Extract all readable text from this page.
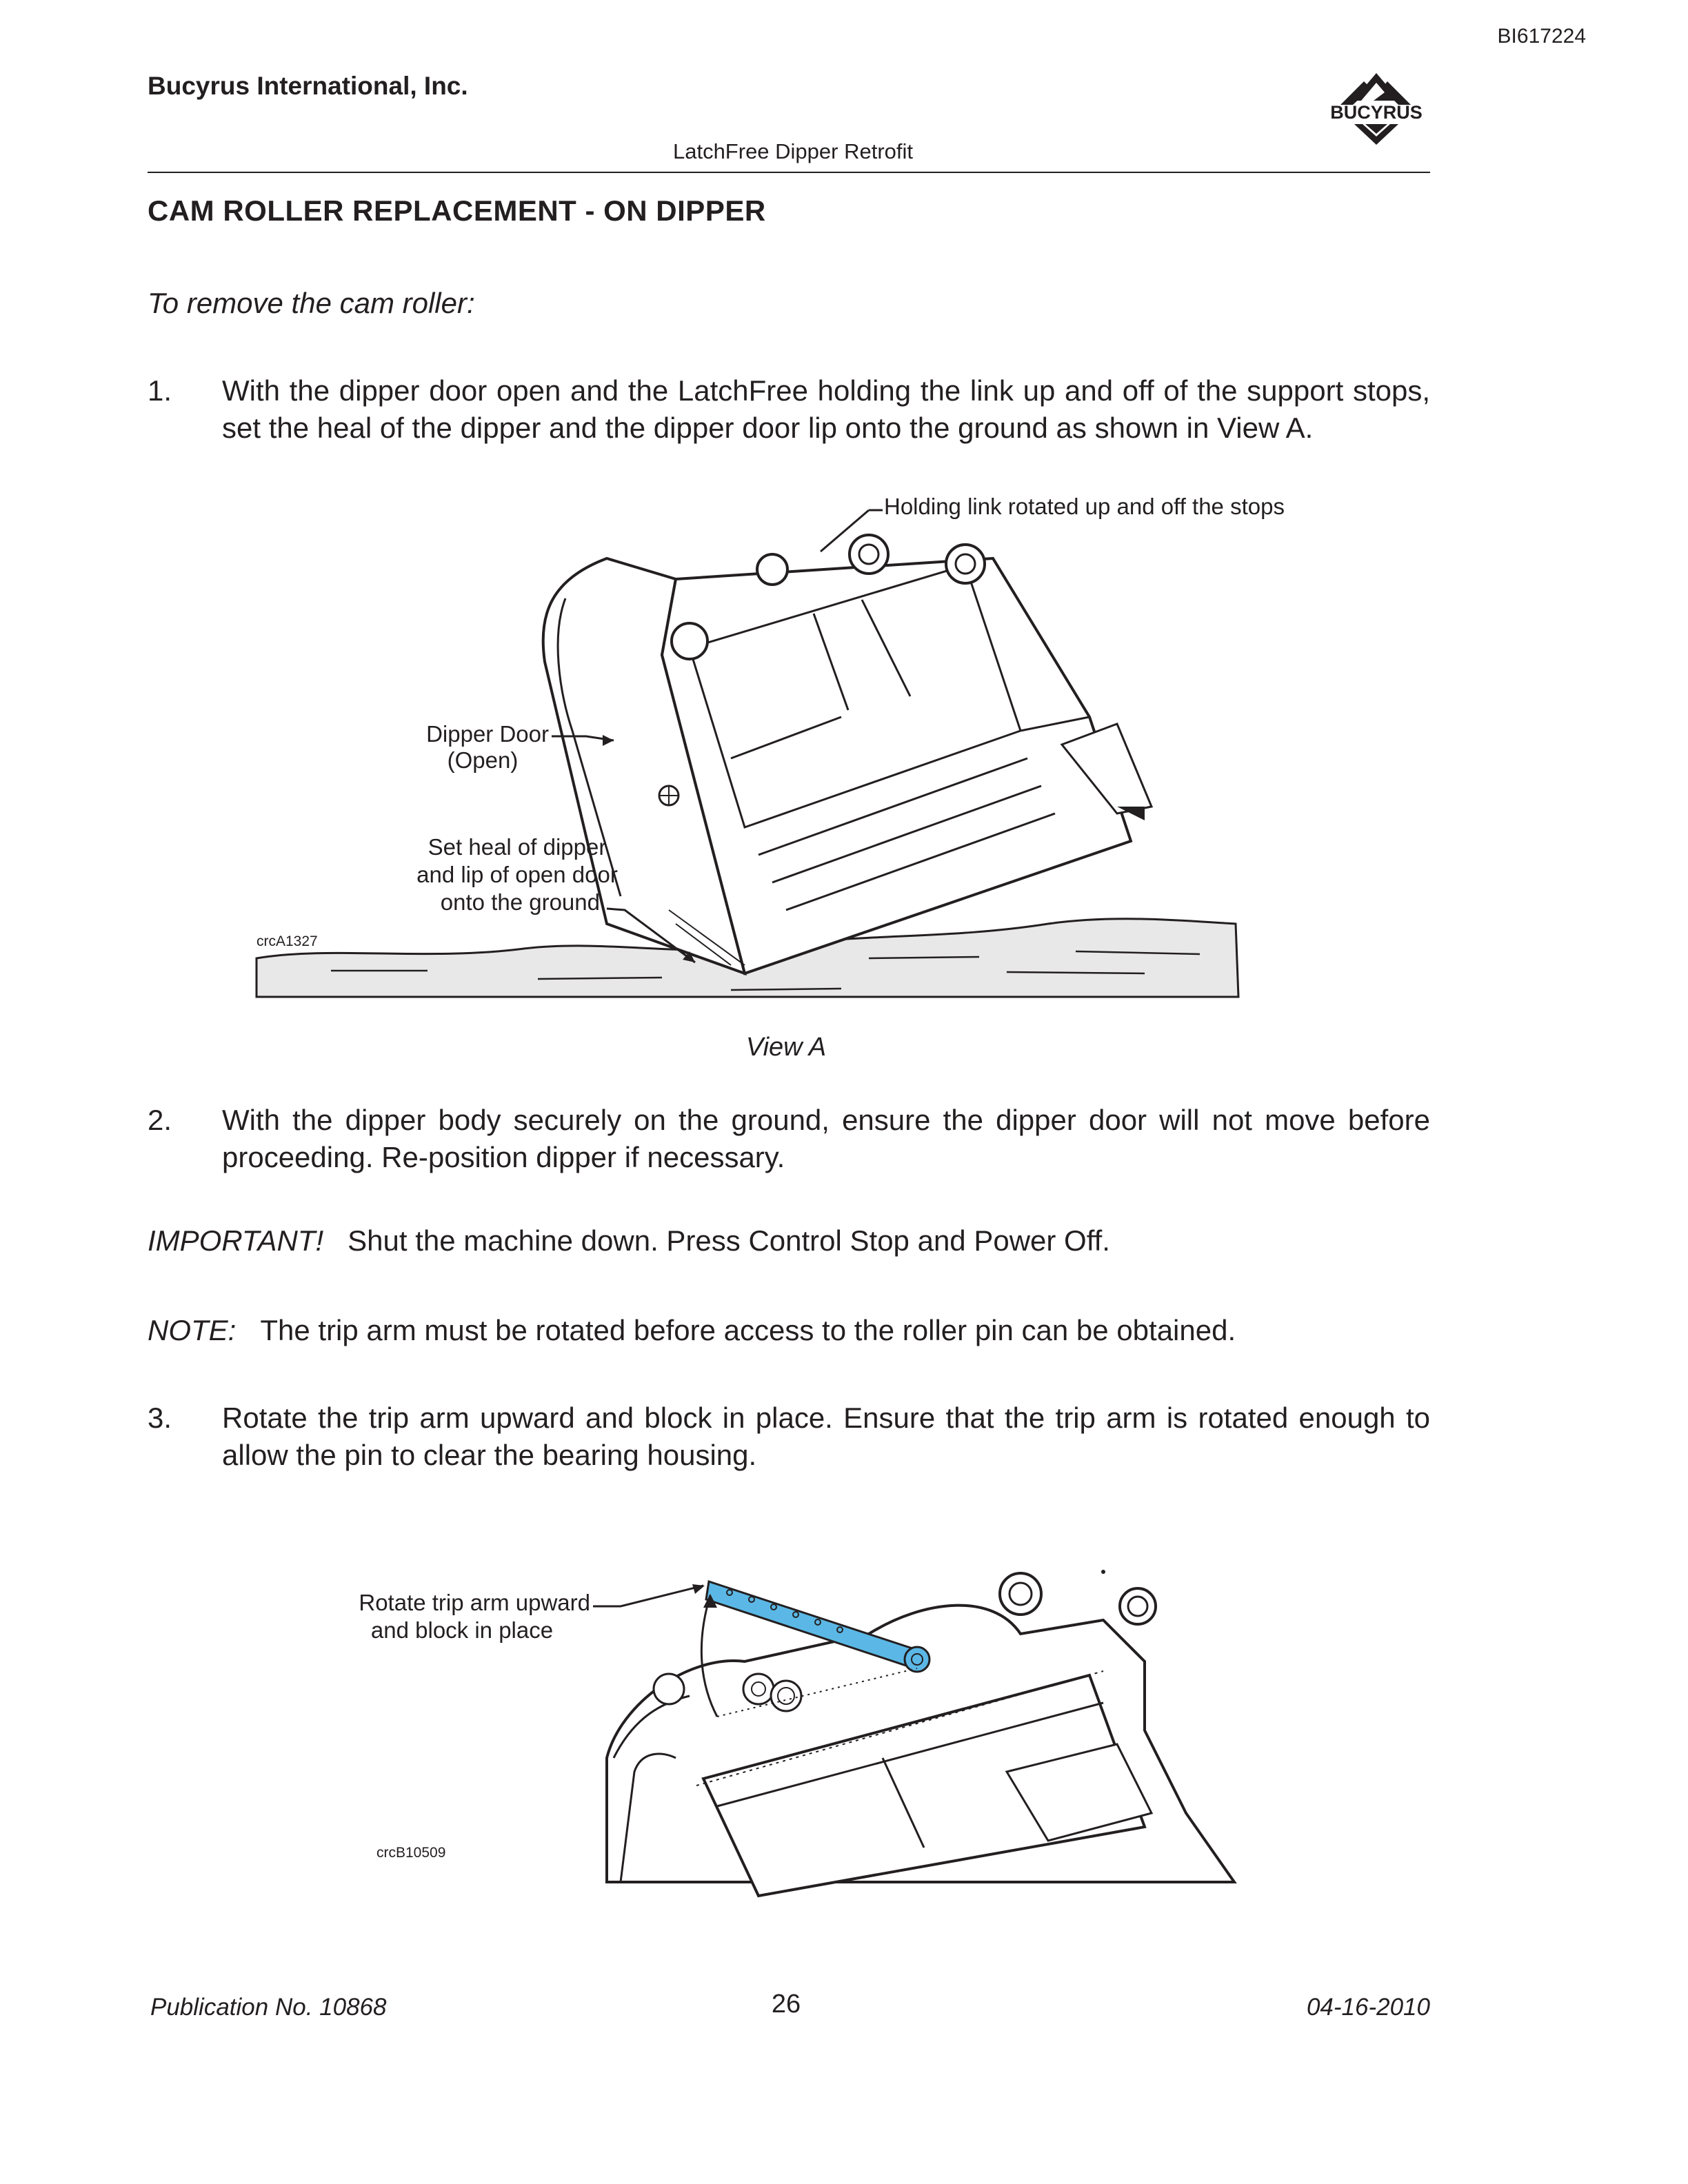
BI617224
Bucyrus International, Inc.
BUCYRUS
LatchFree Dipper Retrofit
CAM ROLLER REPLACEMENT - ON DIPPER
To remove the cam roller:
1. With the dipper door open and the LatchFree holding the link up and off of the support stops, set the heal of the dipper and the dipper door lip onto the ground as shown in View A.
Holding link rotated up and off the stops
Dipper Door
(Open)
Set heal of dipper
and lip of open door
onto the ground
crcA1327
View A
2. With the dipper body securely on the ground, ensure the dipper door will not move before proceeding. Re-position dipper if necessary.
IMPORTANT! Shut the machine down. Press Control Stop and Power Off.
NOTE: The trip arm must be rotated before access to the roller pin can be obtained.
3. Rotate the trip arm upward and block in place. Ensure that the trip arm is rotated enough to allow the pin to clear the bearing housing.
Rotate trip arm upward
and block in place
crcB10509
Publication No. 10868	26	04-16-2010
